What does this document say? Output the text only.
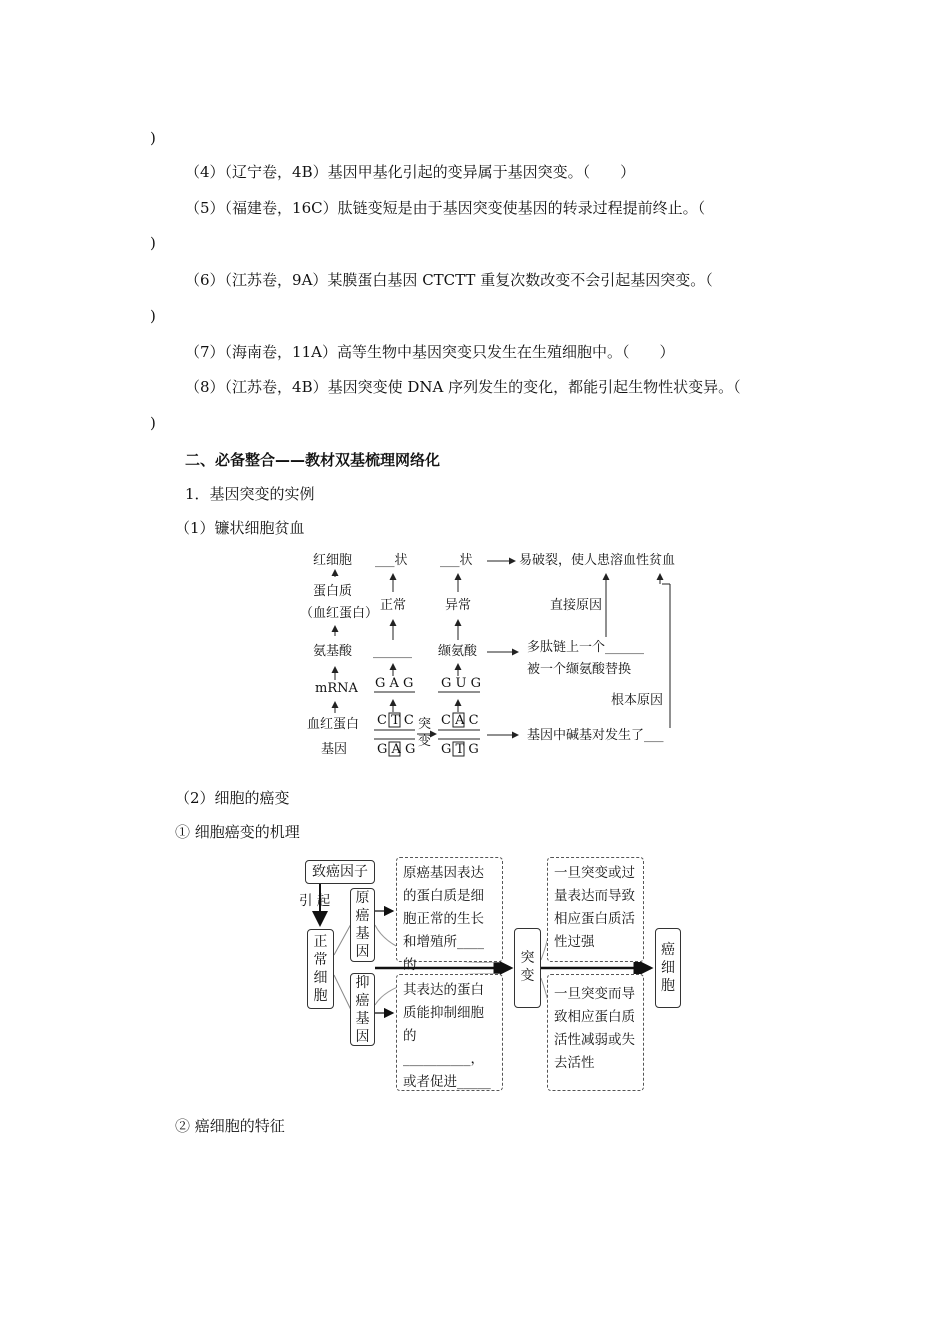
)
（4）（辽宁卷，4B）基因甲基化引起的变异属于基因突变。（　　）
（5）（福建卷，16C）肽链变短是由于基因突变使基因的转录过程提前终止。（
)
（6）（江苏卷，9A）某膜蛋白基因 CTCTT 重复次数改变不会引起基因突变。（
)
（7）（海南卷，11A）高等生物中基因突变只发生在生殖细胞中。（　　）
（8）（江苏卷，4B）基因突变使 DNA 序列发生的变化，都能引起生物性状变异。（
)
二、必备整合——教材双基梳理网络化
1．基因突变的实例
（1）镰状细胞贫血
红细胞
蛋白质
（血红蛋白）
氨基酸
mRNA
血红蛋白
基因
___状
正常
______
G A G
C T C
G A G
突变
___状
异常
缬氨酸
G U G
C A C
G T G
易破裂，使人患溶血性贫血
直接原因
多肽链上一个______
被一个缬氨酸替换
根本原因
基因中碱基对发生了___
（2）细胞的癌变
① 细胞癌变的机理
致癌因子
引 起
正常细胞
原癌基因
抑癌基因
原癌基因表达的蛋白质是细胞正常的生长和增殖所____的
其表达的蛋白质能抑制细胞的__________，
或者促进_____
突变
一旦突变或过量表达而导致相应蛋白质活性过强
一旦突变而导致相应蛋白质活性减弱或失去活性
癌细胞
② 癌细胞的特征
